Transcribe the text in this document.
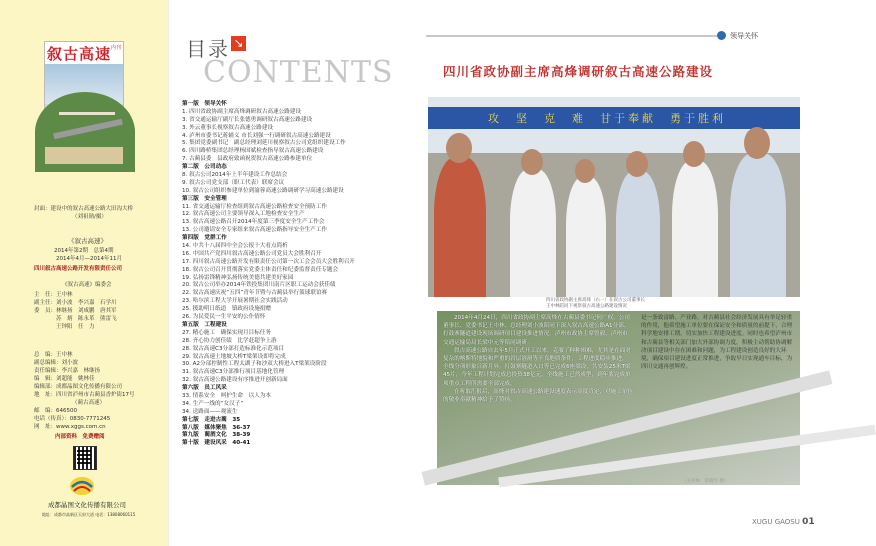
叙古高速 内刊
封面：建设中的叙古高速公路大田沟大桥
（刘祖勋/摄）
《叙古高速》
2014年第2期　总第4期
2014年4月—2014年11月
四川叙古高速公路开发有限责任公司
《叙古高速》编委会
主　任：王中林
副主任：刘小波　李兴嘉　石学川
委　员：林继扬　刘咸鹏　唐其军
　　　　苏　炳　陈永革　熊雷飞
　　　　王钟阳　任　力
总　编：王中林
副总编辑：刘小波
责任编辑：李兴嘉　林继扬
编　辑：刘超能　姚林佳
编辑部：成都晶图文化传播有限公司
地　址：四川省泸州市古蔺县香炉街17号
（蔺古高速）
邮　编：646500
电话（传真）：0830-7771245
网　址：www.xggs.com.cn
内部资料　免费赠阅
成都晶图文化传播有限公司
地址：成都市高新区天府大道 电话：13808060115
目录 ↘
CONTENTS
第一版　领导关怀
1. 四川省政协副主席高烽调研叙古高速公路建设
3. 省交通运输厅副厅长张德勇调研叙古高速公路建设
3. 外云董事长视察叙古高速公路建设
4. 泸州市委书记蒋辅义 市长刘强一行调研叙古高速公路建设
5. 集团党委副书记　副总经理刘延川视察叙古公司党组织建设工作
6. 四川路桥集团总经理杨国斌检查指导叙古高速公路建设
7. 古蔺县委　县政府致函祝贺叙古高速公路参建单位
第二版　公司动态
8. 叙古公司2014年上半年建设工作总结会
9. 叙古公司党支部（职工代表）联席会议
10. 叙古公司组织参建单位到渝蓉高速公路调研学习高速公路建设
第三版　安全管理
11. 省交通运输厅检查组到叙古高速公路检查安全预防工作
12. 叙古高速公司主要领导深入工地检查安全生产
13. 叙古高速公路召开2014年度第三季度安全生产工作会
13. 公司邀请安全专家组来叙古高速公路指导安全生产工作
第四版　党群工作
14. 中共十八届四中全会公报十大看点简析
16. 中国共产党四川叙古高速公路公司党员大会胜利召开
17. 四川叙古高速公路开发有限责任公司第一次工会会员大会胜利召开
18. 叙古公司召开贯彻落实党委主体责任和纪委监督责任专题会
19. 弘扬雷锋精神弘扬传统美德共建美好家园
20. 叙古公司举办2014年铁投集团川南片区职工运动会获佳绩
22. 叙古高速庆祝“五四”青年节暨与古蔺县举行篮球联谊赛
23. 哈尔滨工程大学开展暑期社会实践活动
25. 援助明日纸道　镇政府设施捐赠
26. 为民爱民一生平安的公仆情怀
第五版　工程建设
27. 精心施工　确保实现月目标任务
28. 齐心协力创佳绩　比学赶超争上游
28. 叙古高速C3分部打造标准化示范项目
29. 叙古高速土地坡大桥T梁架设即将完成
30. A2分部控制性工程太湖子和沙双大桥进入T梁架设阶段
31. 叙古高速C3分部推行项目基地化管理
32. 叙古高速公路建设有序推进开创新局面
第六版　员工风采
33. 情系安全　呵护生命　以人为本
34. 生产一线的“女汉子”
34. 送路面——观流生
第七版　走进古蔺　35
第八版　媒体聚焦　36-37
第九版　蔺酒文化　38-39
第十版　建设风采　40-41
领导关怀
四川省政协副主席高烽调研叙古高速公路建设
攻　坚　克　难　甘于奉献　勇于胜利
四川省政协副主席高烽（右一）在叙古公司董事长
王中林陪同下视察叙古高速公路建设情况

2014年4月24日，四川省政协副主席高烽在古蔺县委书记何广权，公司董事长、党委书记王中林、总经理刘小波陪同下深入叙古高速公路A1分部、打鼓寨隧道建设现场调研项目建设推进情况。泸州市政协主席曾毅、泸州市交通运输局局长梁中元等陪同调研。

叙古高速公路自去年5月正式开工以来，克服了种种困难，尤其是在面对复杂的喀斯特地貌和严重的岩层溶洞等不良地质条件，工程进度稳步推进，全线分项形象日新月异。打鼓寨隧道入口等已完成6座梁设，共安装25米T梁45片，今年工程计划完成总投资38亿元，全线施工已然成型，到年底完成单项重点工程所需要全部完成。

在听取汇报后，高烽对叙古高速公路建设速度表示高度肯定，对施工单位的敬业奉献精神给予了赞扬。

是一条致富路、产业路，对古蔺县社会经济发展具有举足轻重的作用，他希望施工单位要在保证安全和质量的前提下，合理科学地安排工期，切实加快工程建设进度。同时也希望泸州市和古蔺县等相关部门加大外部协调力度，积极主动帮助协调解决项目建设中存在困难和问题，为工程建设创造良好的大环境，确保项目建设进度正常推进，争取早日实现通车目标，为四川交通再创辉煌。

（王中林　蒋晓华 摄）
XUGU GAOSU 01
